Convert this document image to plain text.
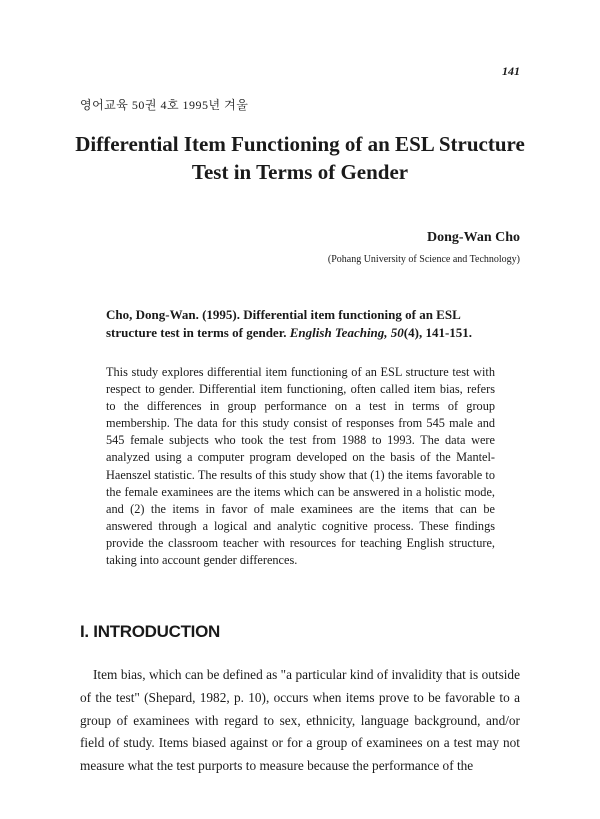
141
영어교육 50권 4호 1995년 겨울
Differential Item Functioning of an ESL Structure Test in Terms of Gender
Dong-Wan Cho
(Pohang University of Science and Technology)
Cho, Dong-Wan. (1995). Differential item functioning of an ESL structure test in terms of gender. English Teaching, 50(4), 141-151.
This study explores differential item functioning of an ESL structure test with respect to gender. Differential item functioning, often called item bias, refers to the differences in group performance on a test in terms of group membership. The data for this study consist of responses from 545 male and 545 female subjects who took the test from 1988 to 1993. The data were analyzed using a computer program developed on the basis of the Mantel-Haenszel statistic. The results of this study show that (1) the items favorable to the female examinees are the items which can be answered in a holistic mode, and (2) the items in favor of male examinees are the items that can be answered through a logical and analytic cognitive process. These findings provide the classroom teacher with resources for teaching English structure, taking into account gender differences.
I. INTRODUCTION

Item bias, which can be defined as "a particular kind of invalidity that is outside of the test" (Shepard, 1982, p. 10), occurs when items prove to be favorable to a group of examinees with regard to sex, ethnicity, language background, and/or field of study. Items biased against or for a group of examinees on a test may not measure what the test purports to measure because the performance of the
